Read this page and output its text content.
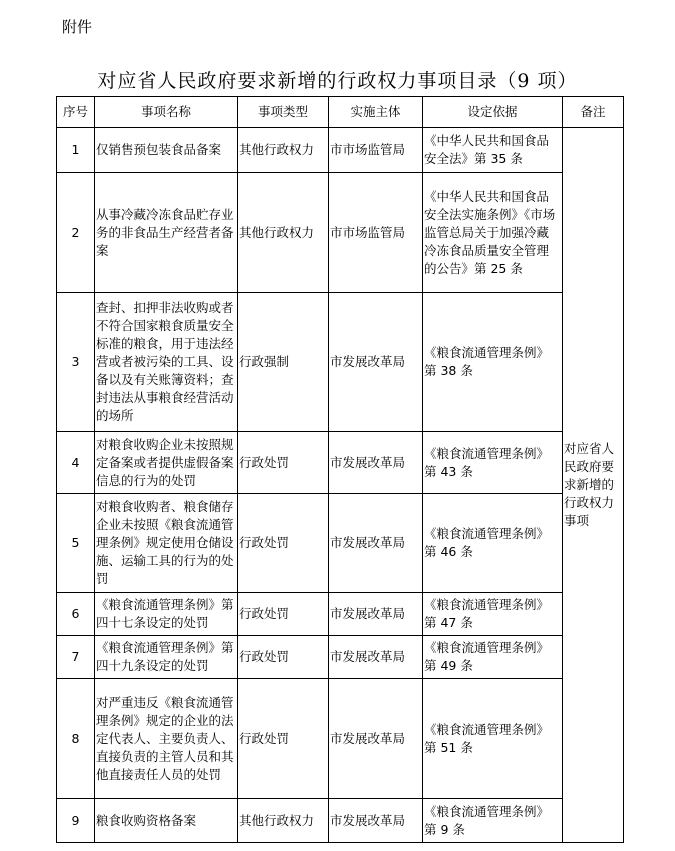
附件
对应省人民政府要求新增的行政权力事项目录（9 项）
序号	事项名称	事项类型	实施主体	设定依据	备注
1	仅销售预包装食品备案	其他行政权力	市市场监管局	《中华人民共和国食品安全法》第 35 条	对应省人民政府要求新增的行政权力事项
2	从事冷藏冷冻食品贮存业务的非食品生产经营者备案	其他行政权力	市市场监管局	《中华人民共和国食品安全法实施条例》《市场监管总局关于加强冷藏冷冻食品质量安全管理的公告》第 25 条	
3	查封、扣押非法收购或者不符合国家粮食质量安全标准的粮食，用于违法经营或者被污染的工具、设备以及有关账簿资料；查封违法从事粮食经营活动的场所	行政强制	市发展改革局	《粮食流通管理条例》第 38 条	
4	对粮食收购企业未按照规定备案或者提供虚假备案信息的行为的处罚	行政处罚	市发展改革局	《粮食流通管理条例》第 43 条	
5	对粮食收购者、粮食储存企业未按照《粮食流通管理条例》规定使用仓储设施、运输工具的行为的处罚	行政处罚	市发展改革局	《粮食流通管理条例》第 46 条	
6	《粮食流通管理条例》第四十七条设定的处罚	行政处罚	市发展改革局	《粮食流通管理条例》第 47 条	
7	《粮食流通管理条例》第四十九条设定的处罚	行政处罚	市发展改革局	《粮食流通管理条例》第 49 条	
8	对严重违反《粮食流通管理条例》规定的企业的法定代表人、主要负责人、直接负责的主管人员和其他直接责任人员的处罚	行政处罚	市发展改革局	《粮食流通管理条例》第 51 条	
9	粮食收购资格备案	其他行政权力	市发展改革局	《粮食流通管理条例》第 9 条	
